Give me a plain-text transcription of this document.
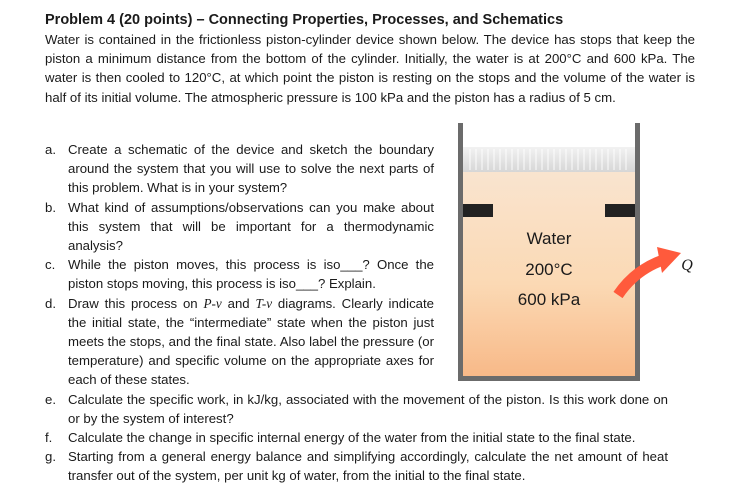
Problem 4 (20 points) – Connecting Properties, Processes, and Schematics
Water is contained in the frictionless piston-cylinder device shown below. The device has stops that keep the piston a minimum distance from the bottom of the cylinder. Initially, the water is at 200°C and 600 kPa. The water is then cooled to 120°C, at which point the piston is resting on the stops and the volume of the water is half of its initial volume. The atmospheric pressure is 100 kPa and the piston has a radius of 5 cm.
a. Create a schematic of the device and sketch the boundary around the system that you will use to solve the next parts of this problem. What is in your system?
b. What kind of assumptions/observations can you make about this system that will be important for a thermodynamic analysis?
c. While the piston moves, this process is iso___? Once the piston stops moving, this process is iso___? Explain.
d. Draw this process on P-v and T-v diagrams. Clearly indicate the initial state, the “intermediate” state when the piston just meets the stops, and the final state. Also label the pressure (or temperature) and specific volume on the appropriate axes for each of these states.
e. Calculate the specific work, in kJ/kg, associated with the movement of the piston. Is this work done on or by the system of interest?
f. Calculate the change in specific internal energy of the water from the initial state to the final state.
g. Starting from a general energy balance and simplifying accordingly, calculate the net amount of heat transfer out of the system, per unit kg of water, from the initial to the final state.
Water
200°C
600 kPa
Q
